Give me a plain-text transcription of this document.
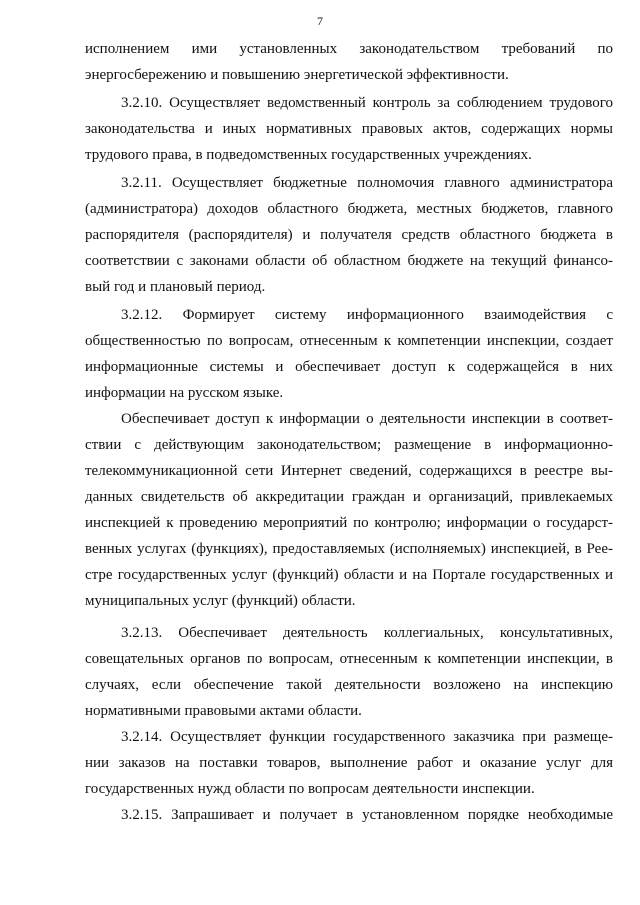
7
исполнением ими установленных законодательством требований по
энергосбережению и повышению энергетической эффективности.
3.2.10. Осуществляет ведомственный контроль за соблюдением трудового
законодательства и иных нормативных правовых актов, содержащих нормы
трудового права, в подведомственных государственных учреждениях.
3.2.11. Осуществляет бюджетные полномочия главного администратора
(администратора) доходов областного бюджета, местных бюджетов, главного
распорядителя (распорядителя) и получателя средств областного бюджета в
соответствии с законами области об областном бюджете на текущий финансо-
вый год и плановый период.
3.2.12. Формирует систему информационного взаимодействия с
общественностью по вопросам, отнесенным к компетенции инспекции, создает
информационные системы и обеспечивает доступ к содержащейся в них
информации на русском языке.
Обеспечивает доступ к информации о деятельности инспекции в соответ-
ствии с действующим законодательством; размещение в информационно-
телекоммуникационной сети Интернет сведений, содержащихся в реестре вы-
данных свидетельств об аккредитации граждан и организаций, привлекаемых
инспекцией к проведению мероприятий по контролю; информации о государст-
венных услугах (функциях), предоставляемых (исполняемых) инспекцией, в Рее-
стре государственных услуг (функций) области и на Портале государственных и
муниципальных услуг (функций) области.
3.2.13. Обеспечивает деятельность коллегиальных, консультативных,
совещательных органов по вопросам, отнесенным к компетенции инспекции, в
случаях, если обеспечение такой деятельности возложено на инспекцию
нормативными правовыми актами области.
3.2.14. Осуществляет функции государственного заказчика при размеще-
нии заказов на поставки товаров, выполнение работ и оказание услуг для
государственных нужд области по вопросам деятельности инспекции.
3.2.15. Запрашивает и получает в установленном порядке необходимые
